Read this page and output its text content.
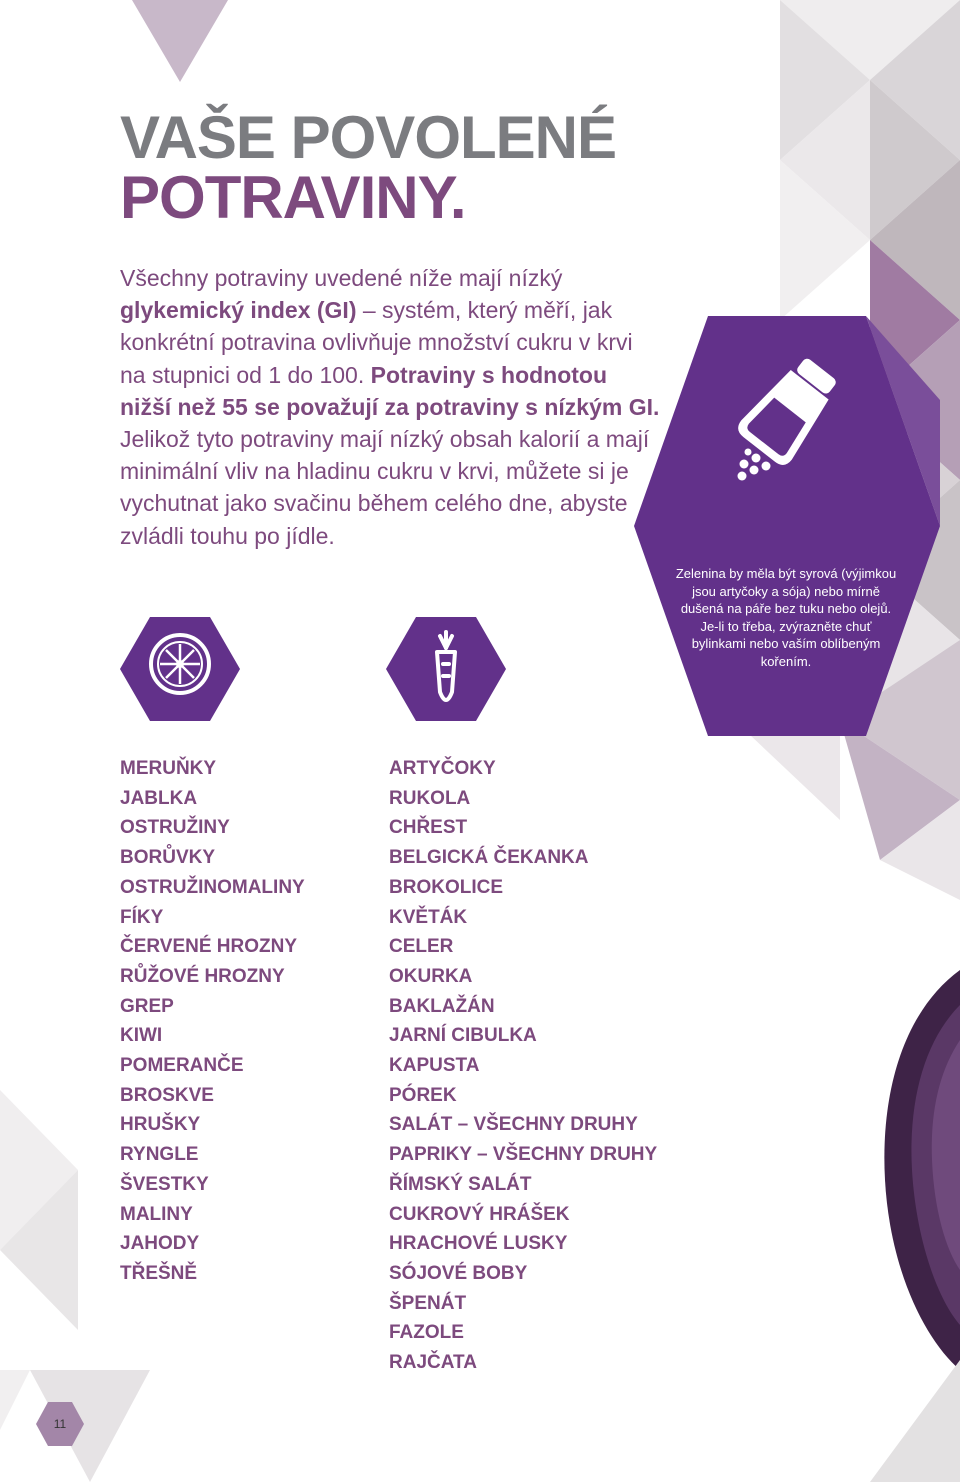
VAŠE POVOLENÉ
POTRAVINY.

Všechny potraviny uvedené níže mají nízký glykemický index (GI) – systém, který měří, jak konkrétní potravina ovlivňuje množství cukru v krvi na stupnici od 1 do 100. Potraviny s hodnotou nižší než 55 se považují za potraviny s nízkým GI. Jelikož tyto potraviny mají nízký obsah kalorií a mají minimální vliv na hladinu cukru v krvi, můžete si je vychutnat jako svačinu během celého dne, abyste zvládli touhu po jídle.

Zelenina by měla být syrová (výjimkou jsou artyčoky a sója) nebo mírně dušená na páře bez tuku nebo olejů. Je-li to třeba, zvýrazněte chuť bylinkami nebo vaším oblíbeným kořením.
MERUŇKY
JABLKA
OSTRUŽINY
BORŮVKY
OSTRUŽINOMALINY
FÍKY
ČERVENÉ HROZNY
RŮŽOVÉ HROZNY
GREP
KIWI
POMERANČE
BROSKVE
HRUŠKY
RYNGLE
ŠVESTKY
MALINY
JAHODY
TŘEŠNĚ
ARTYČOKY
RUKOLA
CHŘEST
BELGICKÁ ČEKANKA
BROKOLICE
KVĚTÁK
CELER
OKURKA
BAKLAŽÁN
JARNÍ CIBULKA
KAPUSTA
PÓREK
SALÁT – VŠECHNY DRUHY
PAPRIKY – VŠECHNY DRUHY
ŘÍMSKÝ SALÁT
CUKROVÝ HRÁŠEK
HRACHOVÉ LUSKY
SÓJOVÉ BOBY
ŠPENÁT
FAZOLE
RAJČATA
11
